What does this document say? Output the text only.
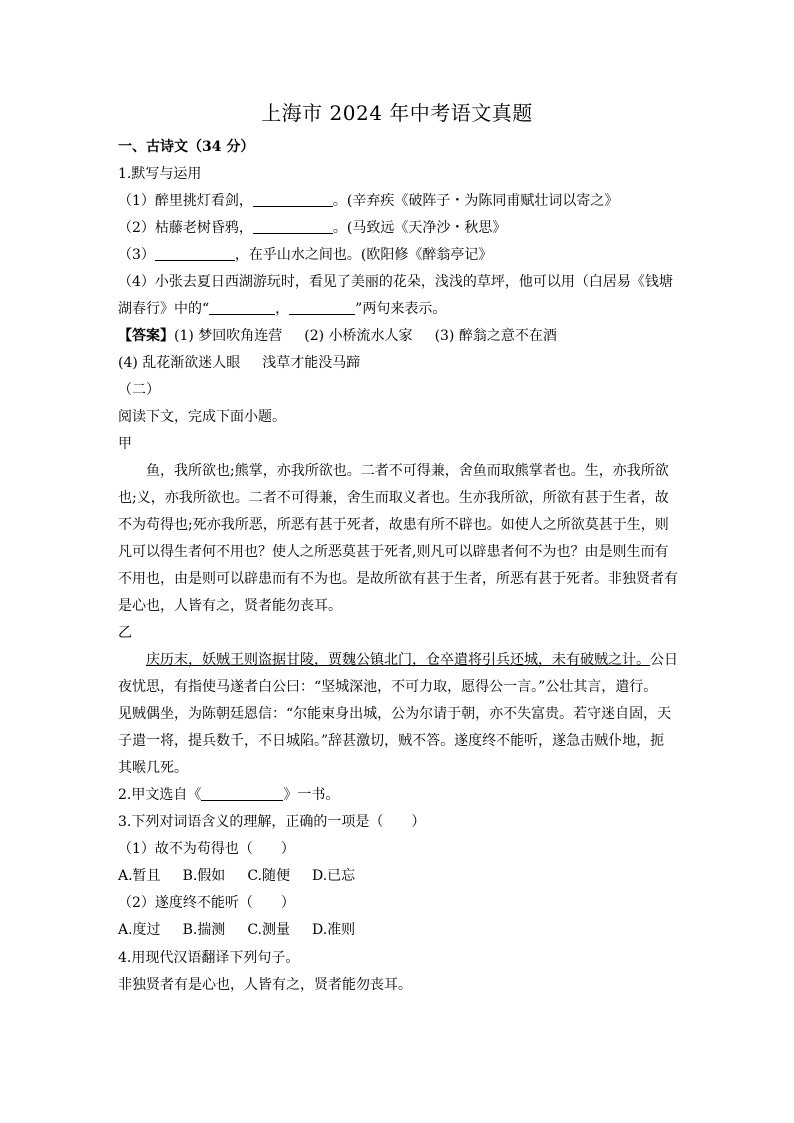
上海市 2024 年中考语文真题
一、古诗文（34 分）
1.默写与运用
（1）醉里挑灯看剑，	。(辛弃疾《破阵子・为陈同甫赋壮词以寄之》
（2）枯藤老树昏鸦，	。(马致远《天净沙・秋思》
（3）	，在乎山水之间也。(欧阳修《醉翁亭记》
（4）小张去夏日西湖游玩时，看见了美丽的花朵，浅浅的草坪，他可以用（白居易《钱塘
湖春行》中的“	，	”两句来表示。
【答案】(1) 梦回吹角连营 (2) 小桥流水人家 (3) 醉翁之意不在酒
(4) 乱花渐欲迷人眼 浅草才能没马蹄
（二）
阅读下文，完成下面小题。
甲
鱼，我所欲也;熊掌，亦我所欲也。二者不可得兼，舍鱼而取熊掌者也。生，亦我所欲
也;义，亦我所欲也。二者不可得兼，舍生而取义者也。生亦我所欲，所欲有甚于生者，故
不为苟得也;死亦我所恶，所恶有甚于死者，故患有所不辟也。如使人之所欲莫甚于生，则
凡可以得生者何不用也？使人之所恶莫甚于死者,则凡可以辟患者何不为也？由是则生而有
不用也，由是则可以辟患而有不为也。是故所欲有甚于生者，所恶有甚于死者。非独贤者有
是心也，人皆有之，贤者能勿丧耳。
乙
庆历末，妖贼王则盗据甘陵，贾魏公镇北门，仓卒遣将引兵还城，未有破贼之计。公日
夜忧思，有指使马遂者白公曰：“坚城深池，不可力取，愿得公一言。”公壮其言，遣行。
见贼偶坐，为陈朝廷恩信：“尔能束身出城，公为尔请于朝，亦不失富贵。若守迷自固，天
子遣一将，提兵数千，不日城陷。”辞甚激切，贼不答。遂度终不能听，遂急击贼仆地，扼
其喉几死。
2.甲文选自《	》一书。
3.下列对词语含义的理解，正确的一项是（　　）
（1）故不为苟得也（　　）
A.暂且 B.假如 C.随便 D.已忘
（2）遂度终不能听（　　）
A.度过 B.揣测 C.测量 D.准则
4.用现代汉语翻译下列句子。
非独贤者有是心也，人皆有之，贤者能勿丧耳。
